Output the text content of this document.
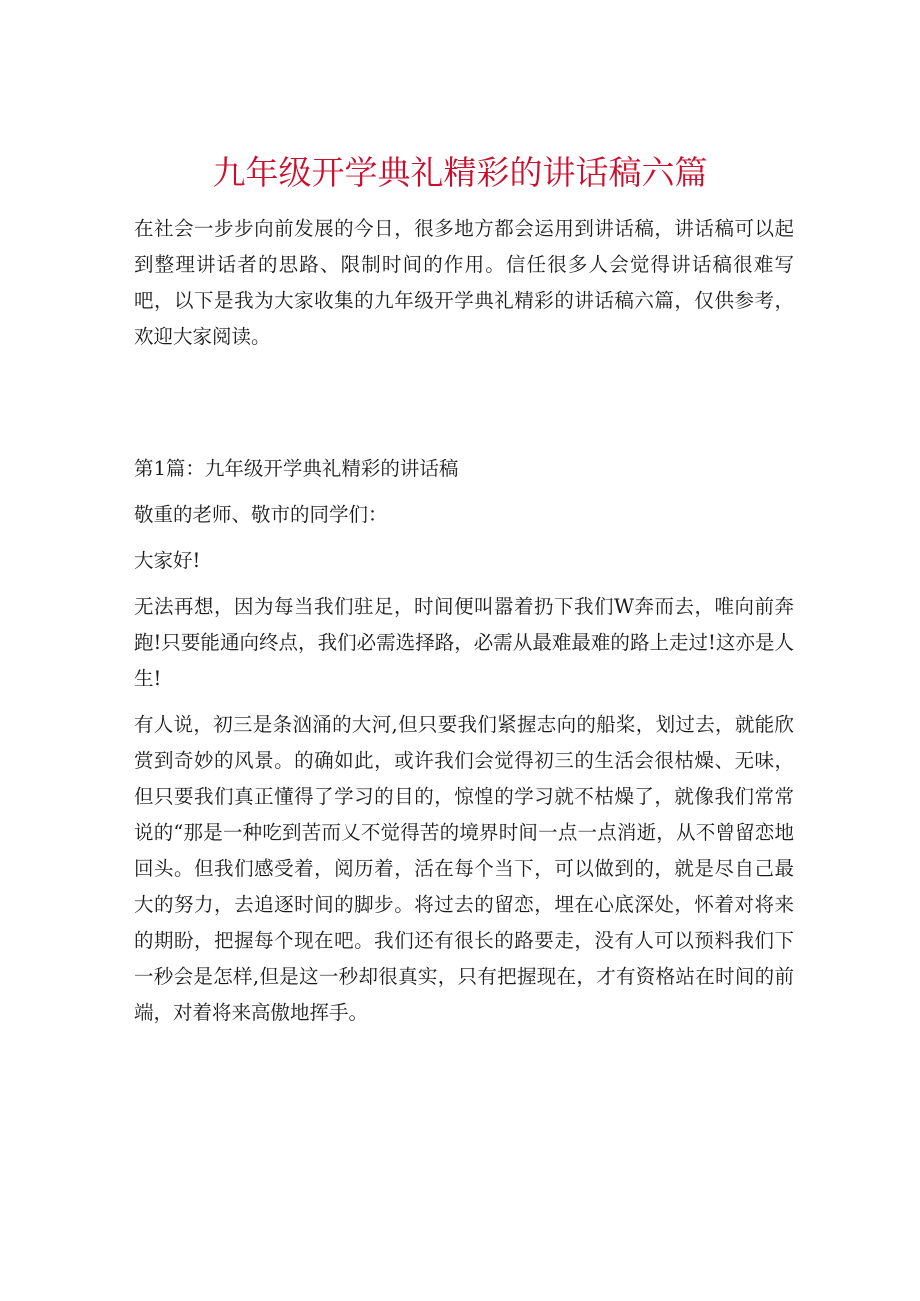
九年级开学典礼精彩的讲话稿六篇

在社会一步步向前发展的今日，很多地方都会运用到讲话稿，讲话稿可以起到整理讲话者的思路、限制时间的作用。信任很多人会觉得讲话稿很难写吧，以下是我为大家收集的九年级开学典礼精彩的讲话稿六篇，仅供参考，欢迎大家阅读。

第1篇：九年级开学典礼精彩的讲话稿

敬重的老师、敬市的同学们：

大家好!

无法再想，因为每当我们驻足，时间便叫嚣着扔下我们W奔而去，唯向前奔跑!只要能通向终点，我们必需选择路，必需从最难最难的路上走过!这亦是人生!

有人说，初三是条汹涌的大河,但只要我们紧握志向的船桨，划过去，就能欣赏到奇妙的风景。的确如此，或许我们会觉得初三的生活会很枯燥、无味，但只要我们真正懂得了学习的目的，惊惶的学习就不枯燥了，就像我们常常说的“那是一种吃到苦而乂不觉得苦的境界时间一点一点消逝，从不曾留恋地回头。但我们感受着，阅历着，活在每个当下，可以做到的，就是尽自己最大的努力，去追逐时间的脚步。将过去的留恋，埋在心底深处，怀着对将来的期盼，把握每个现在吧。我们还有很长的路要走，没有人可以预料我们下一秒会是怎样,但是这一秒却很真实，只有把握现在，才有资格站在时间的前端，对着将来高傲地挥手。
